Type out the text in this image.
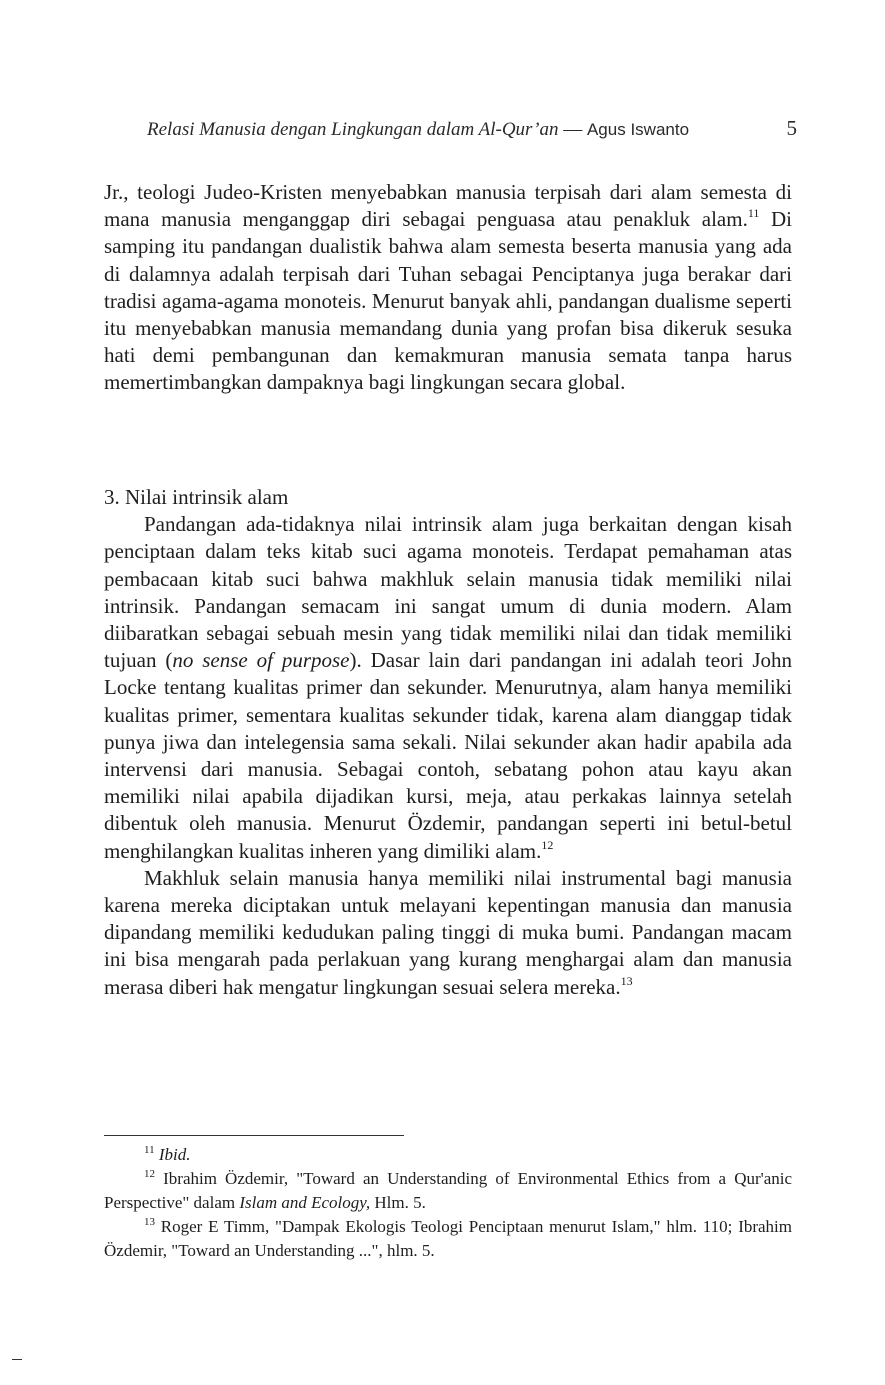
Relasi Manusia dengan Lingkungan dalam Al-Qur’an — Agus Iswanto	5

Jr., teologi Judeo-Kristen menyebabkan manusia terpisah dari alam semesta di mana manusia menganggap diri sebagai penguasa atau penakluk alam.$^{11}$ Di samping itu pandangan dualistik bahwa alam semesta beserta manusia yang ada di dalamnya adalah terpisah dari Tuhan sebagai Penciptanya juga berakar dari tradisi agama-agama monoteis. Menurut banyak ahli, pandangan dualisme seperti itu menyebabkan manusia memandang dunia yang profan bisa dikeruk sesuka hati demi pembangunan dan kemakmuran manusia semata tanpa harus memertimbangkan dampaknya bagi lingkungan secara global.

3. Nilai intrinsik alam

Pandangan ada-tidaknya nilai intrinsik alam juga berkaitan dengan kisah penciptaan dalam teks kitab suci agama monoteis. Terdapat pemahaman atas pembacaan kitab suci bahwa makhluk selain manusia tidak memiliki nilai intrinsik. Pandangan semacam ini sangat umum di dunia modern. Alam diibaratkan sebagai sebuah mesin yang tidak memiliki nilai dan tidak memiliki tujuan (no sense of purpose). Dasar lain dari pandangan ini adalah teori John Locke tentang kualitas primer dan sekunder. Menurutnya, alam hanya memiliki kualitas primer, sementara kualitas sekunder tidak, karena alam dianggap tidak punya jiwa dan intelegensia sama sekali. Nilai sekunder akan hadir apabila ada intervensi dari manusia. Sebagai contoh, sebatang pohon atau kayu akan memiliki nilai apabila dijadikan kursi, meja, atau perkakas lainnya setelah dibentuk oleh manusia. Menurut Özdemir, pandangan seperti ini betul-betul menghilangkan kualitas inheren yang dimiliki alam.$^{12}$

Makhluk selain manusia hanya memiliki nilai instrumental bagi manusia karena mereka diciptakan untuk melayani kepentingan manusia dan manusia dipandang memiliki kedudukan paling tinggi di muka bumi. Pandangan macam ini bisa mengarah pada perlakuan yang kurang menghargai alam dan manusia merasa diberi hak mengatur lingkungan sesuai selera mereka.$^{13}$

$^{11}$ Ibid.

$^{12}$ Ibrahim Özdemir, "Toward an Understanding of Environmental Ethics from a Qur'anic Perspective" dalam Islam and Ecology, Hlm. 5.

$^{13}$ Roger E Timm, "Dampak Ekologis Teologi Penciptaan menurut Islam," hlm. 110; Ibrahim Özdemir, "Toward an Understanding ...", hlm. 5.
